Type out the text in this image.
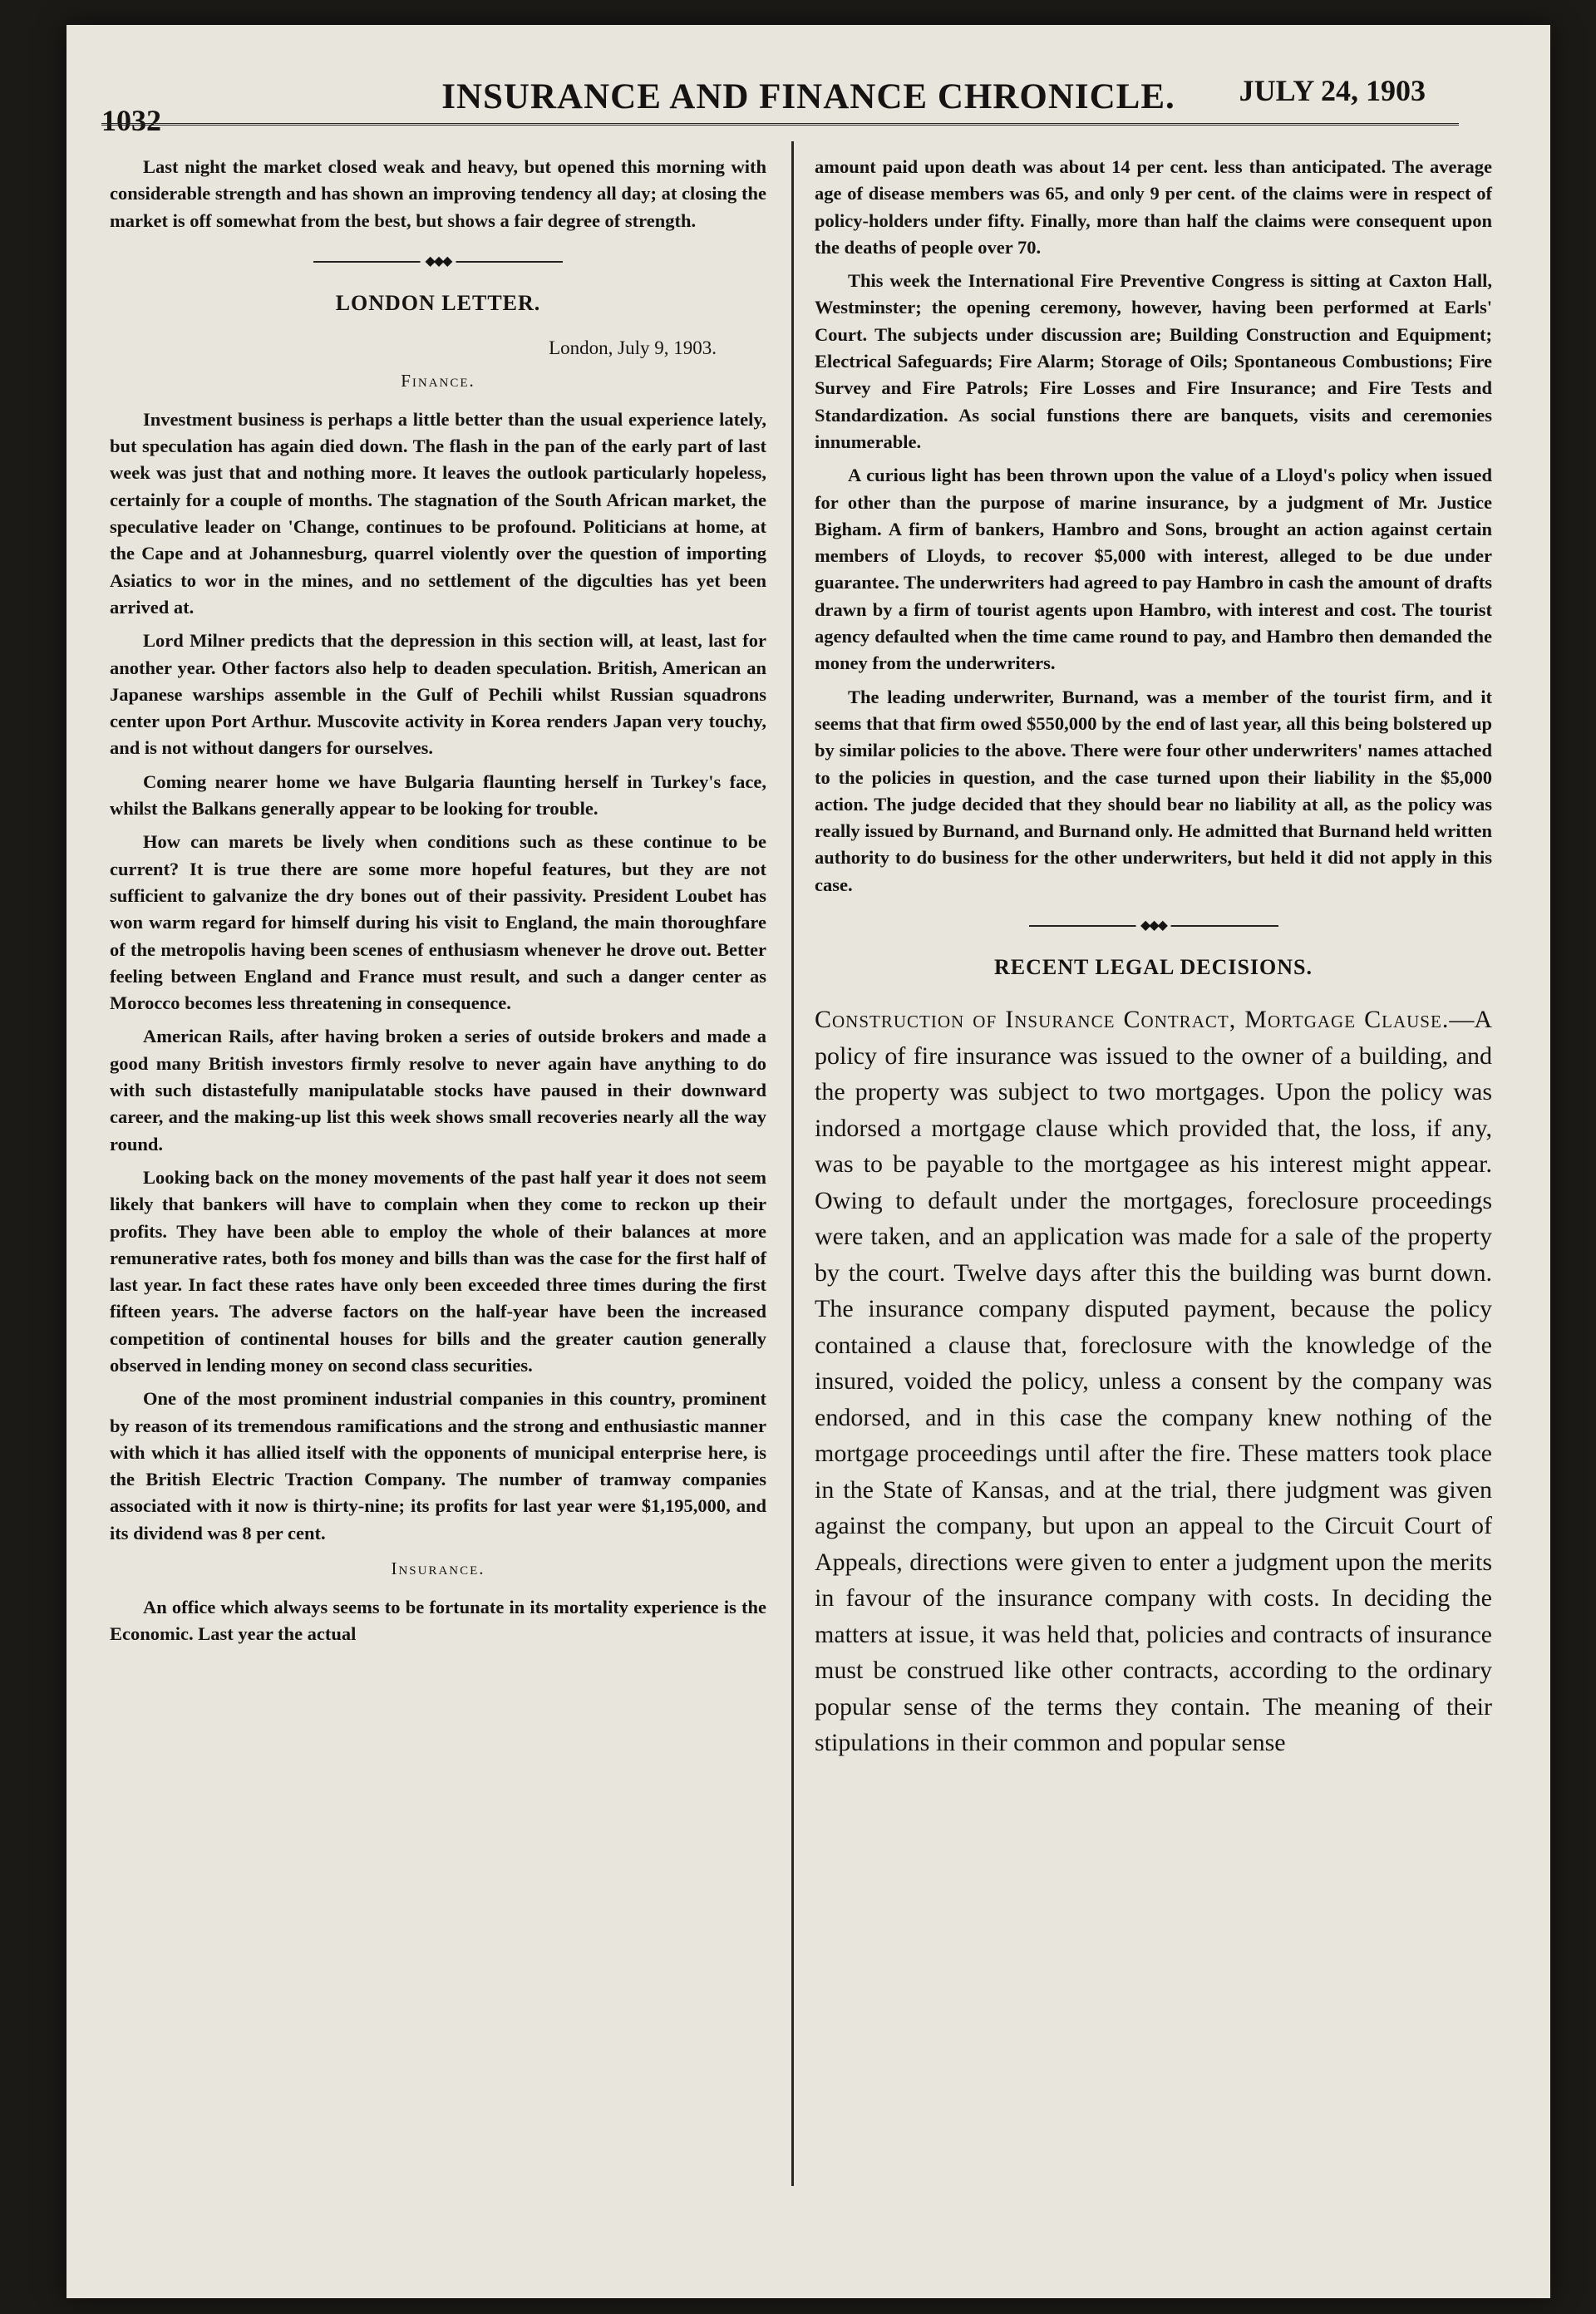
1032
INSURANCE AND FINANCE CHRONICLE.	JULY 24, 1903

Last night the market closed weak and heavy, but opened this morning with considerable strength and has shown an improving tendency all day; at closing the market is off somewhat from the best, but shows a fair degree of strength.

◆◆◆
LONDON LETTER.
London, July 9, 1903.
Finance.

Investment business is perhaps a little better than the usual experience lately, but speculation has again died down. The flash in the pan of the early part of last week was just that and nothing more. It leaves the outlook particularly hopeless, certainly for a couple of months. The stagnation of the South African market, the speculative leader on 'Change, continues to be profound. Politicians at home, at the Cape and at Johannesburg, quarrel violently over the question of importing Asiatics to wor in the mines, and no settlement of the digculties has yet been arrived at.

Lord Milner predicts that the depression in this section will, at least, last for another year. Other factors also help to deaden speculation. British, American an Japanese warships assemble in the Gulf of Pechili whilst Russian squadrons center upon Port Arthur. Muscovite activity in Korea renders Japan very touchy, and is not without dangers for ourselves.

Coming nearer home we have Bulgaria flaunting herself in Turkey's face, whilst the Balkans generally appear to be looking for trouble.

How can marets be lively when conditions such as these continue to be current? It is true there are some more hopeful features, but they are not sufficient to galvanize the dry bones out of their passivity. President Loubet has won warm regard for himself during his visit to England, the main thoroughfare of the metropolis having been scenes of enthusiasm whenever he drove out. Better feeling between England and France must result, and such a danger center as Morocco becomes less threatening in consequence.

American Rails, after having broken a series of outside brokers and made a good many British investors firmly resolve to never again have anything to do with such distastefully manipulatable stocks have paused in their downward career, and the making-up list this week shows small recoveries nearly all the way round.

Looking back on the money movements of the past half year it does not seem likely that bankers will have to complain when they come to reckon up their profits. They have been able to employ the whole of their balances at more remunerative rates, both fos money and bills than was the case for the first half of last year. In fact these rates have only been exceeded three times during the first fifteen years. The adverse factors on the half-year have been the increased competition of continental houses for bills and the greater caution generally observed in lending money on second class securities.

One of the most prominent industrial companies in this country, prominent by reason of its tremendous ramifications and the strong and enthusiastic manner with which it has allied itself with the opponents of municipal enterprise here, is the British Electric Traction Company. The number of tramway companies associated with it now is thirty-nine; its profits for last year were $1,195,000, and its dividend was 8 per cent.

Insurance.

An office which always seems to be fortunate in its mortality experience is the Economic. Last year the actual

amount paid upon death was about 14 per cent. less than anticipated. The average age of disease members was 65, and only 9 per cent. of the claims were in respect of policy-holders under fifty. Finally, more than half the claims were consequent upon the deaths of people over 70.

This week the International Fire Preventive Congress is sitting at Caxton Hall, Westminster; the opening ceremony, however, having been performed at Earls' Court. The subjects under discussion are; Building Construction and Equipment; Electrical Safeguards; Fire Alarm; Storage of Oils; Spontaneous Combustions; Fire Survey and Fire Patrols; Fire Losses and Fire Insurance; and Fire Tests and Standardization. As social funstions there are banquets, visits and ceremonies innumerable.

A curious light has been thrown upon the value of a Lloyd's policy when issued for other than the purpose of marine insurance, by a judgment of Mr. Justice Bigham. A firm of bankers, Hambro and Sons, brought an action against certain members of Lloyds, to recover $5,000 with interest, alleged to be due under guarantee. The underwriters had agreed to pay Hambro in cash the amount of drafts drawn by a firm of tourist agents upon Hambro, with interest and cost. The tourist agency defaulted when the time came round to pay, and Hambro then demanded the money from the underwriters.

The leading underwriter, Burnand, was a member of the tourist firm, and it seems that that firm owed $550,000 by the end of last year, all this being bolstered up by similar policies to the above. There were four other underwriters' names attached to the policies in question, and the case turned upon their liability in the $5,000 action. The judge decided that they should bear no liability at all, as the policy was really issued by Burnand, and Burnand only. He admitted that Burnand held written authority to do business for the other underwriters, but held it did not apply in this case.

◆◆◆
RECENT LEGAL DECISIONS.

Construction of Insurance Contract, Mortgage Clause.—A policy of fire insurance was issued to the owner of a building, and the property was subject to two mortgages. Upon the policy was indorsed a mortgage clause which provided that, the loss, if any, was to be payable to the mortgagee as his interest might appear. Owing to default under the mortgages, foreclosure proceedings were taken, and an application was made for a sale of the property by the court. Twelve days after this the building was burnt down. The insurance company disputed payment, because the policy contained a clause that, foreclosure with the knowledge of the insured, voided the policy, unless a consent by the company was endorsed, and in this case the company knew nothing of the mortgage proceedings until after the fire. These matters took place in the State of Kansas, and at the trial, there judgment was given against the company, but upon an appeal to the Circuit Court of Appeals, directions were given to enter a judgment upon the merits in favour of the insurance company with costs. In deciding the matters at issue, it was held that, policies and contracts of insurance must be construed like other contracts, according to the ordinary popular sense of the terms they contain. The meaning of their stipulations in their common and popular sense
